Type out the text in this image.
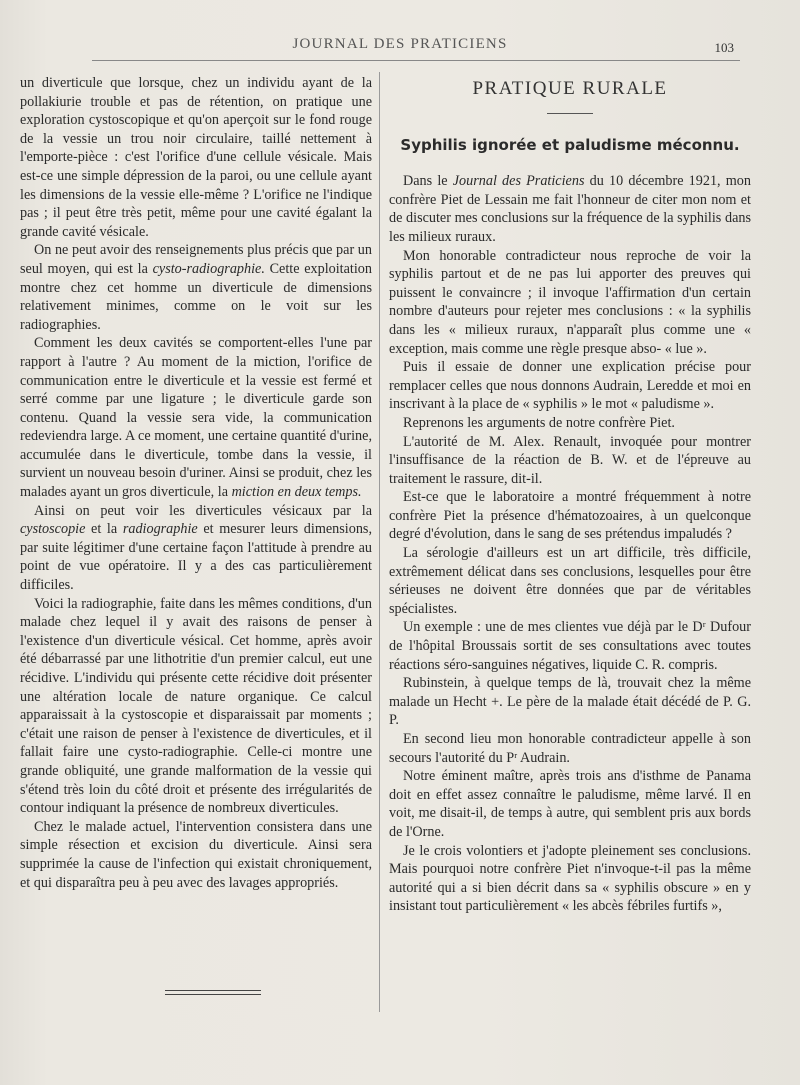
JOURNAL DES PRATICIENS	103

un diverticule que lorsque, chez un individu ayant de la pollakiurie trouble et pas de rétention, on pratique une exploration cystoscopique et qu'on aperçoit sur le fond rouge de la vessie un trou noir circulaire, taillé nettement à l'emporte-pièce : c'est l'orifice d'une cellule vésicale. Mais est-ce une simple dépression de la paroi, ou une cellule ayant les dimensions de la vessie elle-même ? L'orifice ne l'indique pas ; il peut être très petit, même pour une cavité égalant la grande cavité vésicale.

On ne peut avoir des renseignements plus précis que par un seul moyen, qui est la cysto-radiographie. Cette exploitation montre chez cet homme un diverticule de dimensions relativement minimes, comme on le voit sur les radiographies.

Comment les deux cavités se comportent-elles l'une par rapport à l'autre ? Au moment de la miction, l'orifice de communication entre le diverticule et la vessie est fermé et serré comme par une ligature ; le diverticule garde son contenu. Quand la vessie sera vide, la communication redeviendra large. A ce moment, une certaine quantité d'urine, accumulée dans le diverticule, tombe dans la vessie, il survient un nouveau besoin d'uriner. Ainsi se produit, chez les malades ayant un gros diverticule, la miction en deux temps.

Ainsi on peut voir les diverticules vésicaux par la cystoscopie et la radiographie et mesurer leurs dimensions, par suite légitimer d'une certaine façon l'attitude à prendre au point de vue opératoire. Il y a des cas particulièrement difficiles.

Voici la radiographie, faite dans les mêmes conditions, d'un malade chez lequel il y avait des raisons de penser à l'existence d'un diverticule vésical. Cet homme, après avoir été débarrassé par une lithotritie d'un premier calcul, eut une récidive. L'individu qui présente cette récidive doit présenter une altération locale de nature organique. Ce calcul apparaissait à la cystoscopie et disparaissait par moments ; c'était une raison de penser à l'existence de diverticules, et il fallait faire une cysto-radiographie. Celle-ci montre une grande obliquité, une grande malformation de la vessie qui s'étend très loin du côté droit et présente des irrégularités de contour indiquant la présence de nombreux diverticules.

Chez le malade actuel, l'intervention consistera dans une simple résection et excision du diverticule. Ainsi sera supprimée la cause de l'infection qui existait chroniquement, et qui disparaîtra peu à peu avec des lavages appropriés.

PRATIQUE RURALE
Syphilis ignorée et paludisme méconnu.

Dans le Journal des Praticiens du 10 décembre 1921, mon confrère Piet de Lessain me fait l'honneur de citer mon nom et de discuter mes conclusions sur la fréquence de la syphilis dans les milieux ruraux.

Mon honorable contradicteur nous reproche de voir la syphilis partout et de ne pas lui apporter des preuves qui puissent le convaincre ; il invoque l'affirmation d'un certain nombre d'auteurs pour rejeter mes conclusions : « la syphilis dans les « milieux ruraux, n'apparaît plus comme une « exception, mais comme une règle presque abso- « lue ».

Puis il essaie de donner une explication précise pour remplacer celles que nous donnons Audrain, Leredde et moi en inscrivant à la place de « syphilis » le mot « paludisme ».

Reprenons les arguments de notre confrère Piet.

L'autorité de M. Alex. Renault, invoquée pour montrer l'insuffisance de la réaction de B. W. et de l'épreuve au traitement le rassure, dit-il.

Est-ce que le laboratoire a montré fréquemment à notre confrère Piet la présence d'hématozoaires, à un quelconque degré d'évolution, dans le sang de ses prétendus impaludés ?

La sérologie d'ailleurs est un art difficile, très difficile, extrêmement délicat dans ses conclusions, lesquelles pour être sérieuses ne doivent être données que par de véritables spécialistes.

Un exemple : une de mes clientes vue déjà par le Dʳ Dufour de l'hôpital Broussais sortit de ses consultations avec toutes réactions séro-sanguines négatives, liquide C. R. compris.

Rubinstein, à quelque temps de là, trouvait chez la même malade un Hecht +. Le père de la malade était décédé de P. G. P.

En second lieu mon honorable contradicteur appelle à son secours l'autorité du Pʳ Audrain.

Notre éminent maître, après trois ans d'isthme de Panama doit en effet assez connaître le paludisme, même larvé. Il en voit, me disait-il, de temps à autre, qui semblent pris aux bords de l'Orne.

Je le crois volontiers et j'adopte pleinement ses conclusions. Mais pourquoi notre confrère Piet n'invoque-t-il pas la même autorité qui a si bien décrit dans sa « syphilis obscure » en y insistant tout particulièrement « les abcès fébriles furtifs »,
